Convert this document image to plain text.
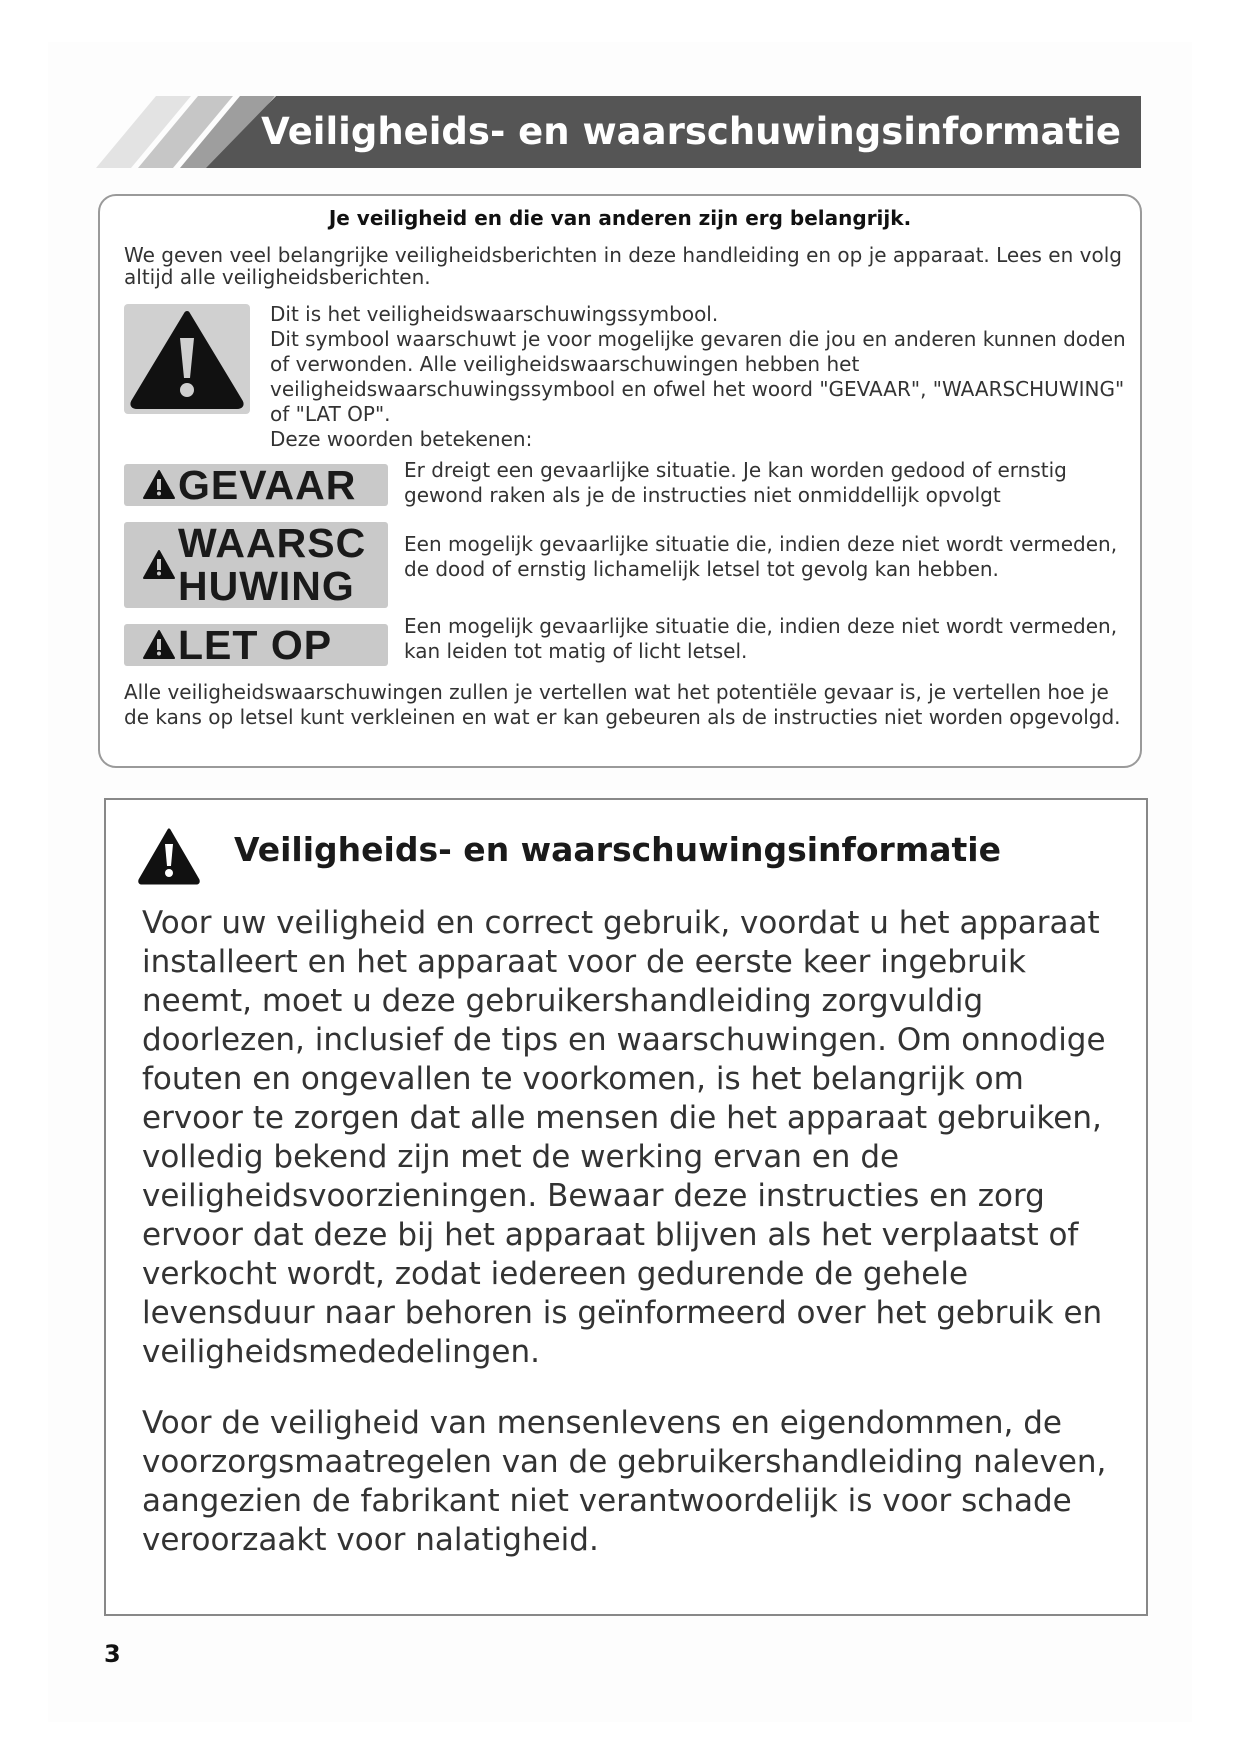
Veiligheids- en waarschuwingsinformatie
Je veiligheid en die van anderen zijn erg belangrijk.
We geven veel belangrijke veiligheidsberichten in deze handleiding en op je apparaat. Lees en volg altijd alle veiligheidsberichten.
Dit is het veiligheidswaarschuwingssymbool.
Dit symbool waarschuwt je voor mogelijke gevaren die jou en anderen kunnen doden of verwonden. Alle veiligheidswaarschuwingen hebben het veiligheidswaarschuwingssymbool en ofwel het woord "GEVAAR", "WAARSCHUWING" of "LAT OP".
Deze woorden betekenen:
GEVAAR Er dreigt een gevaarlijke situatie. Je kan worden gedood of ernstig gewond raken als je de instructies niet onmiddellijk opvolgt
WAARSC
HUWING
Een mogelijk gevaarlijke situatie die, indien deze niet wordt vermeden, de dood of ernstig lichamelijk letsel tot gevolg kan hebben.
LET OP	Een mogelijk gevaarlijke situatie die, indien deze niet wordt vermeden, kan leiden tot matig of licht letsel.
Alle veiligheidswaarschuwingen zullen je vertellen wat het potentiële gevaar is, je vertellen hoe je de kans op letsel kunt verkleinen en wat er kan gebeuren als de instructies niet worden opgevolgd.
Veiligheids- en waarschuwingsinformatie
Voor uw veiligheid en correct gebruik, voordat u het apparaat installeert en het apparaat voor de eerste keer ingebruik neemt, moet u deze gebruikershandleiding zorgvuldig doorlezen, inclusief de tips en waarschuwingen. Om onnodige fouten en ongevallen te voorkomen, is het belangrijk om ervoor te zorgen dat alle mensen die het apparaat gebruiken, volledig bekend zijn met de werking ervan en de veiligheidsvoorzieningen. Bewaar deze instructies en zorg ervoor dat deze bij het apparaat blijven als het verplaatst of verkocht wordt, zodat iedereen gedurende de gehele levensduur naar behoren is geïnformeerd over het gebruik en veiligheidsmededelingen.
Voor de veiligheid van mensenlevens en eigendommen, de voorzorgsmaatregelen van de gebruikershandleiding naleven, aangezien de fabrikant niet verantwoordelijk is voor schade veroorzaakt voor nalatigheid.
3
